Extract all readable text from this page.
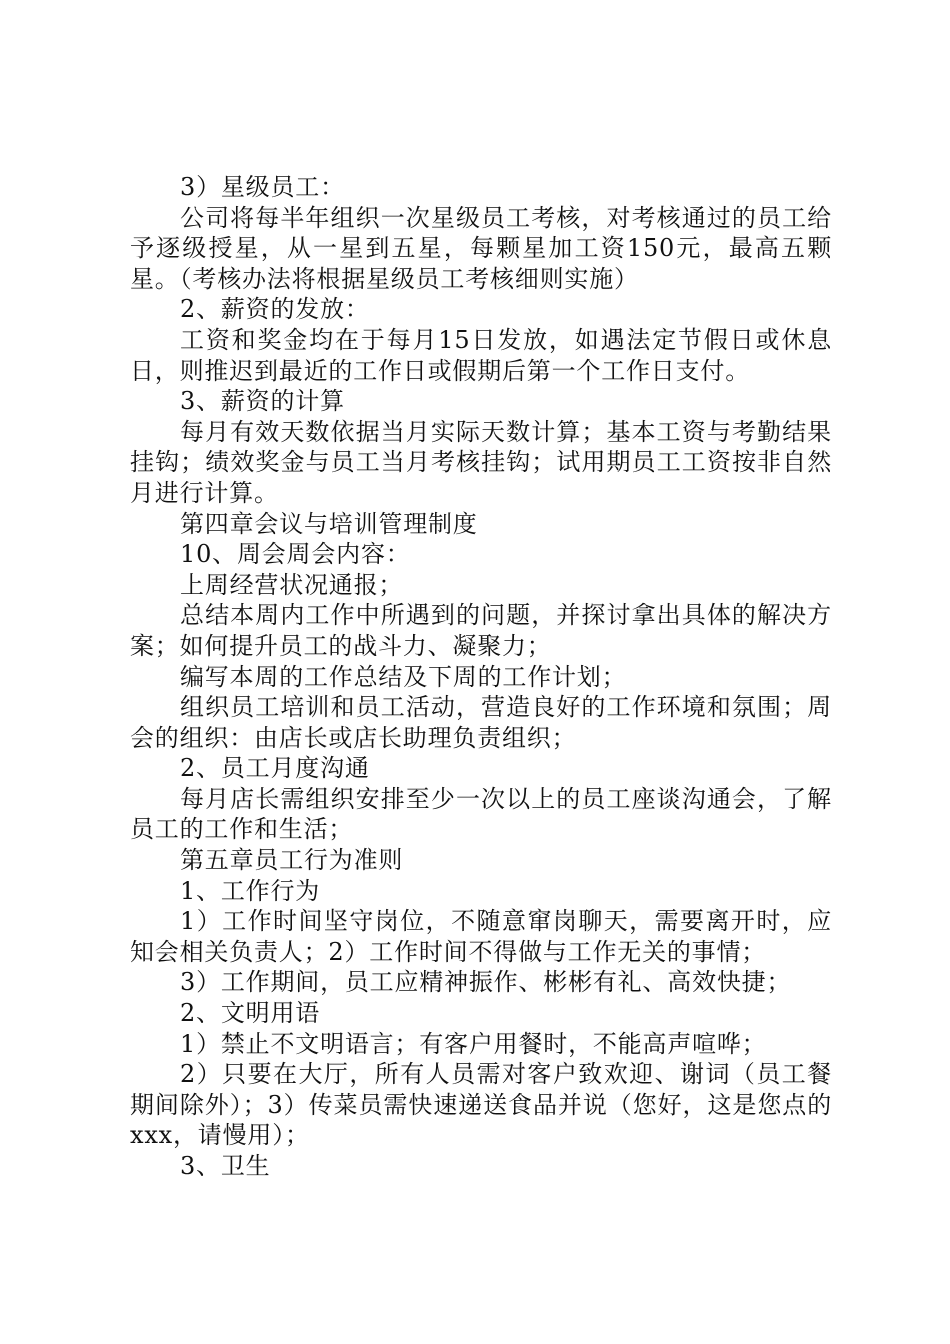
3）星级员工：

公司将每半年组织一次星级员工考核，对考核通过的员工给予逐级授星，从一星到五星，每颗星加工资150元，最高五颗星。（考核办法将根据星级员工考核细则实施）

2、薪资的发放：

工资和奖金均在于每月15日发放，如遇法定节假日或休息日，则推迟到最近的工作日或假期后第一个工作日支付。

3、薪资的计算

每月有效天数依据当月实际天数计算；基本工资与考勤结果挂钩；绩效奖金与员工当月考核挂钩；试用期员工工资按非自然月进行计算。

第四章会议与培训管理制度

10、周会周会内容：

上周经营状况通报；

总结本周内工作中所遇到的问题，并探讨拿出具体的解决方案；如何提升员工的战斗力、凝聚力；

编写本周的工作总结及下周的工作计划；

组织员工培训和员工活动，营造良好的工作环境和氛围；周会的组织：由店长或店长助理负责组织；

2、员工月度沟通

每月店长需组织安排至少一次以上的员工座谈沟通会，了解员工的工作和生活；

第五章员工行为准则

1、工作行为

1）工作时间坚守岗位，不随意窜岗聊天，需要离开时，应知会相关负责人；2）工作时间不得做与工作无关的事情；

3）工作期间，员工应精神振作、彬彬有礼、高效快捷；

2、文明用语

1）禁止不文明语言；有客户用餐时，不能高声喧哗；

2）只要在大厅，所有人员需对客户致欢迎、谢词（员工餐期间除外）；3）传菜员需快速递送食品并说（您好，这是您点的xxx，请慢用）；

3、卫生
